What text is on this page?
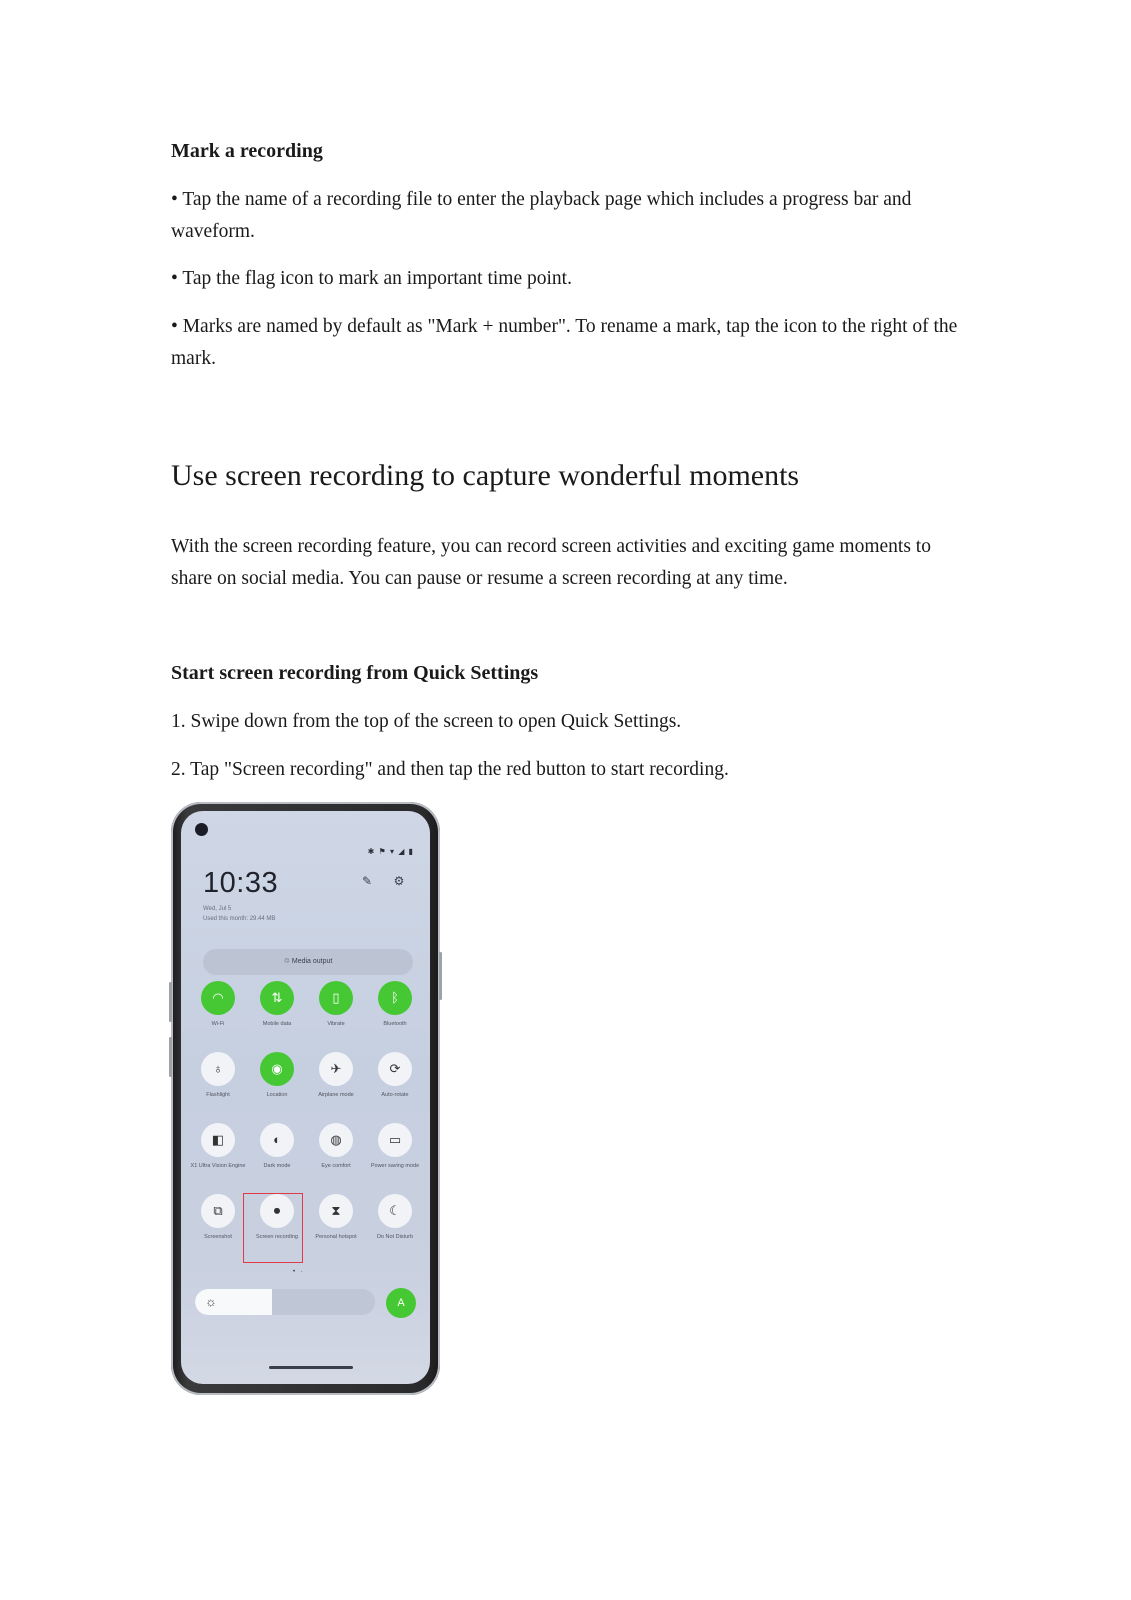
Mark a recording

• Tap the name of a recording file to enter the playback page which includes a progress bar and waveform.

• Tap the flag icon to mark an important time point.

• Marks are named by default as "Mark + number". To rename a mark, tap the icon to the right of the mark.

Use screen recording to capture wonderful moments

With the screen recording feature, you can record screen activities and exciting game moments to share on social media. You can pause or resume a screen recording at any time.

Start screen recording from Quick Settings

1. Swipe down from the top of the screen to open Quick Settings.

2. Tap "Screen recording" and then tap the red button to start recording.

✱ ⚑ ▾ ◢ ▮
10:33	✎ ⚙
Wed, Jul 5
Used this month: 29.44 MB
♲ Media output
◠
Wi-Fi
⇅
Mobile data
▯
Vibrate
ᛒ
Bluetooth
♁
Flashlight
◉
Location
✈
Airplane mode
⟳
Auto-rotate
◧
X1 Ultra Vision Engine
◐
Dark mode
◍
Eye comfort
▭
Power saving mode
⧉
Screenshot
⏺
Screen recording
⧗
Personal hotspot
☾
Do Not Disturb
• ·
☼	A
